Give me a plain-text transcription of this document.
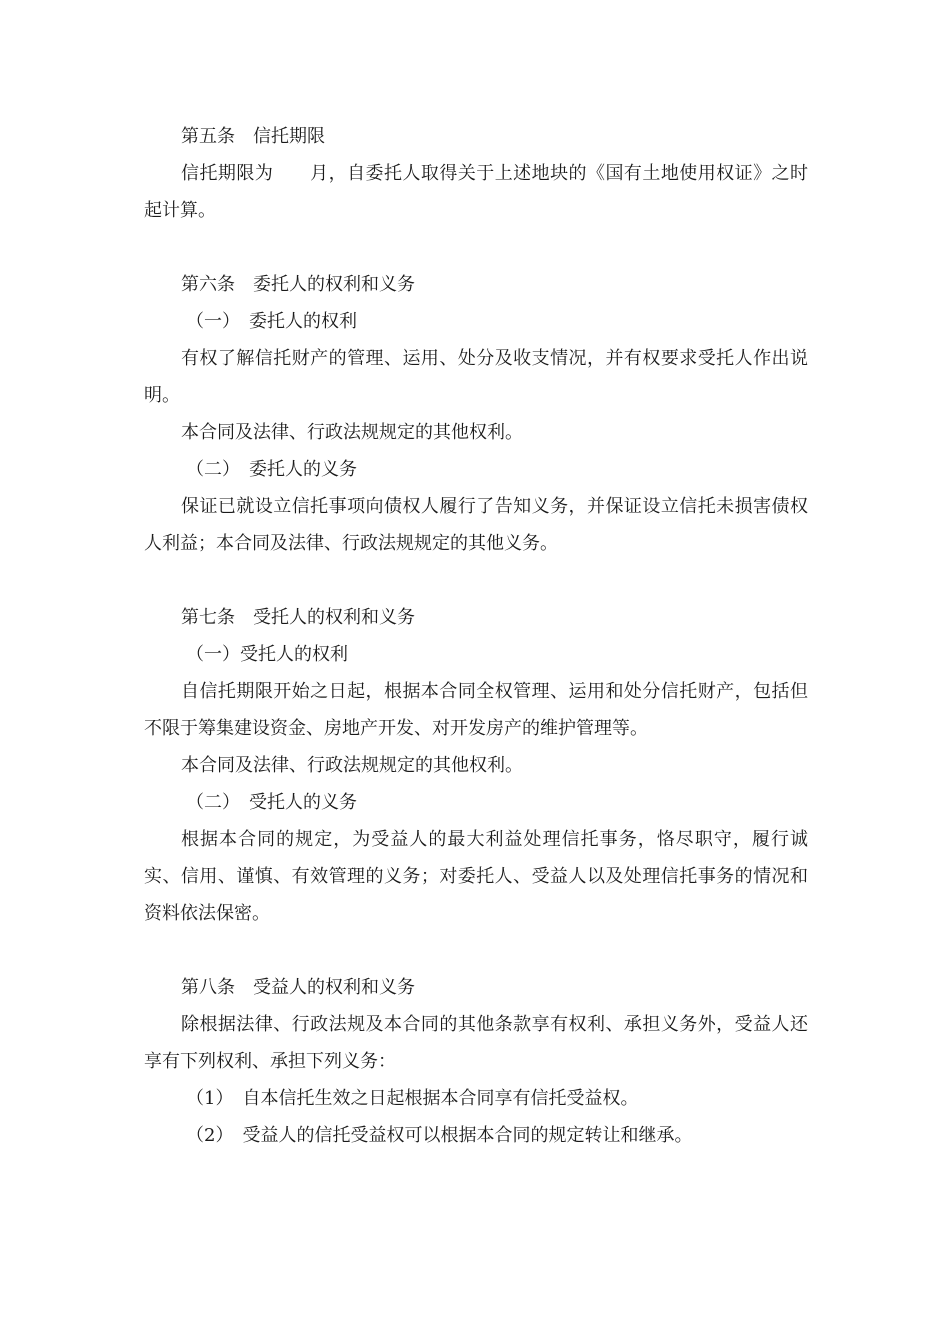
第五条　信托期限

信托期限为　　月，自委托人取得关于上述地块的《国有土地使用权证》之时起计算。

第六条　委托人的权利和义务

（一）　委托人的权利

有权了解信托财产的管理、运用、处分及收支情况，并有权要求受托人作出说明。

本合同及法律、行政法规规定的其他权利。

（二）　委托人的义务

保证已就设立信托事项向债权人履行了告知义务，并保证设立信托未损害债权人利益；本合同及法律、行政法规规定的其他义务。

第七条　受托人的权利和义务

（一）受托人的权利

自信托期限开始之日起，根据本合同全权管理、运用和处分信托财产，包括但不限于筹集建设资金、房地产开发、对开发房产的维护管理等。

本合同及法律、行政法规规定的其他权利。

（二）　受托人的义务

根据本合同的规定，为受益人的最大利益处理信托事务，恪尽职守，履行诚实、信用、谨慎、有效管理的义务；对委托人、受益人以及处理信托事务的情况和资料依法保密。

第八条　受益人的权利和义务

除根据法律、行政法规及本合同的其他条款享有权利、承担义务外，受益人还享有下列权利、承担下列义务：

（1）　自本信托生效之日起根据本合同享有信托受益权。

（2）　受益人的信托受益权可以根据本合同的规定转让和继承。
